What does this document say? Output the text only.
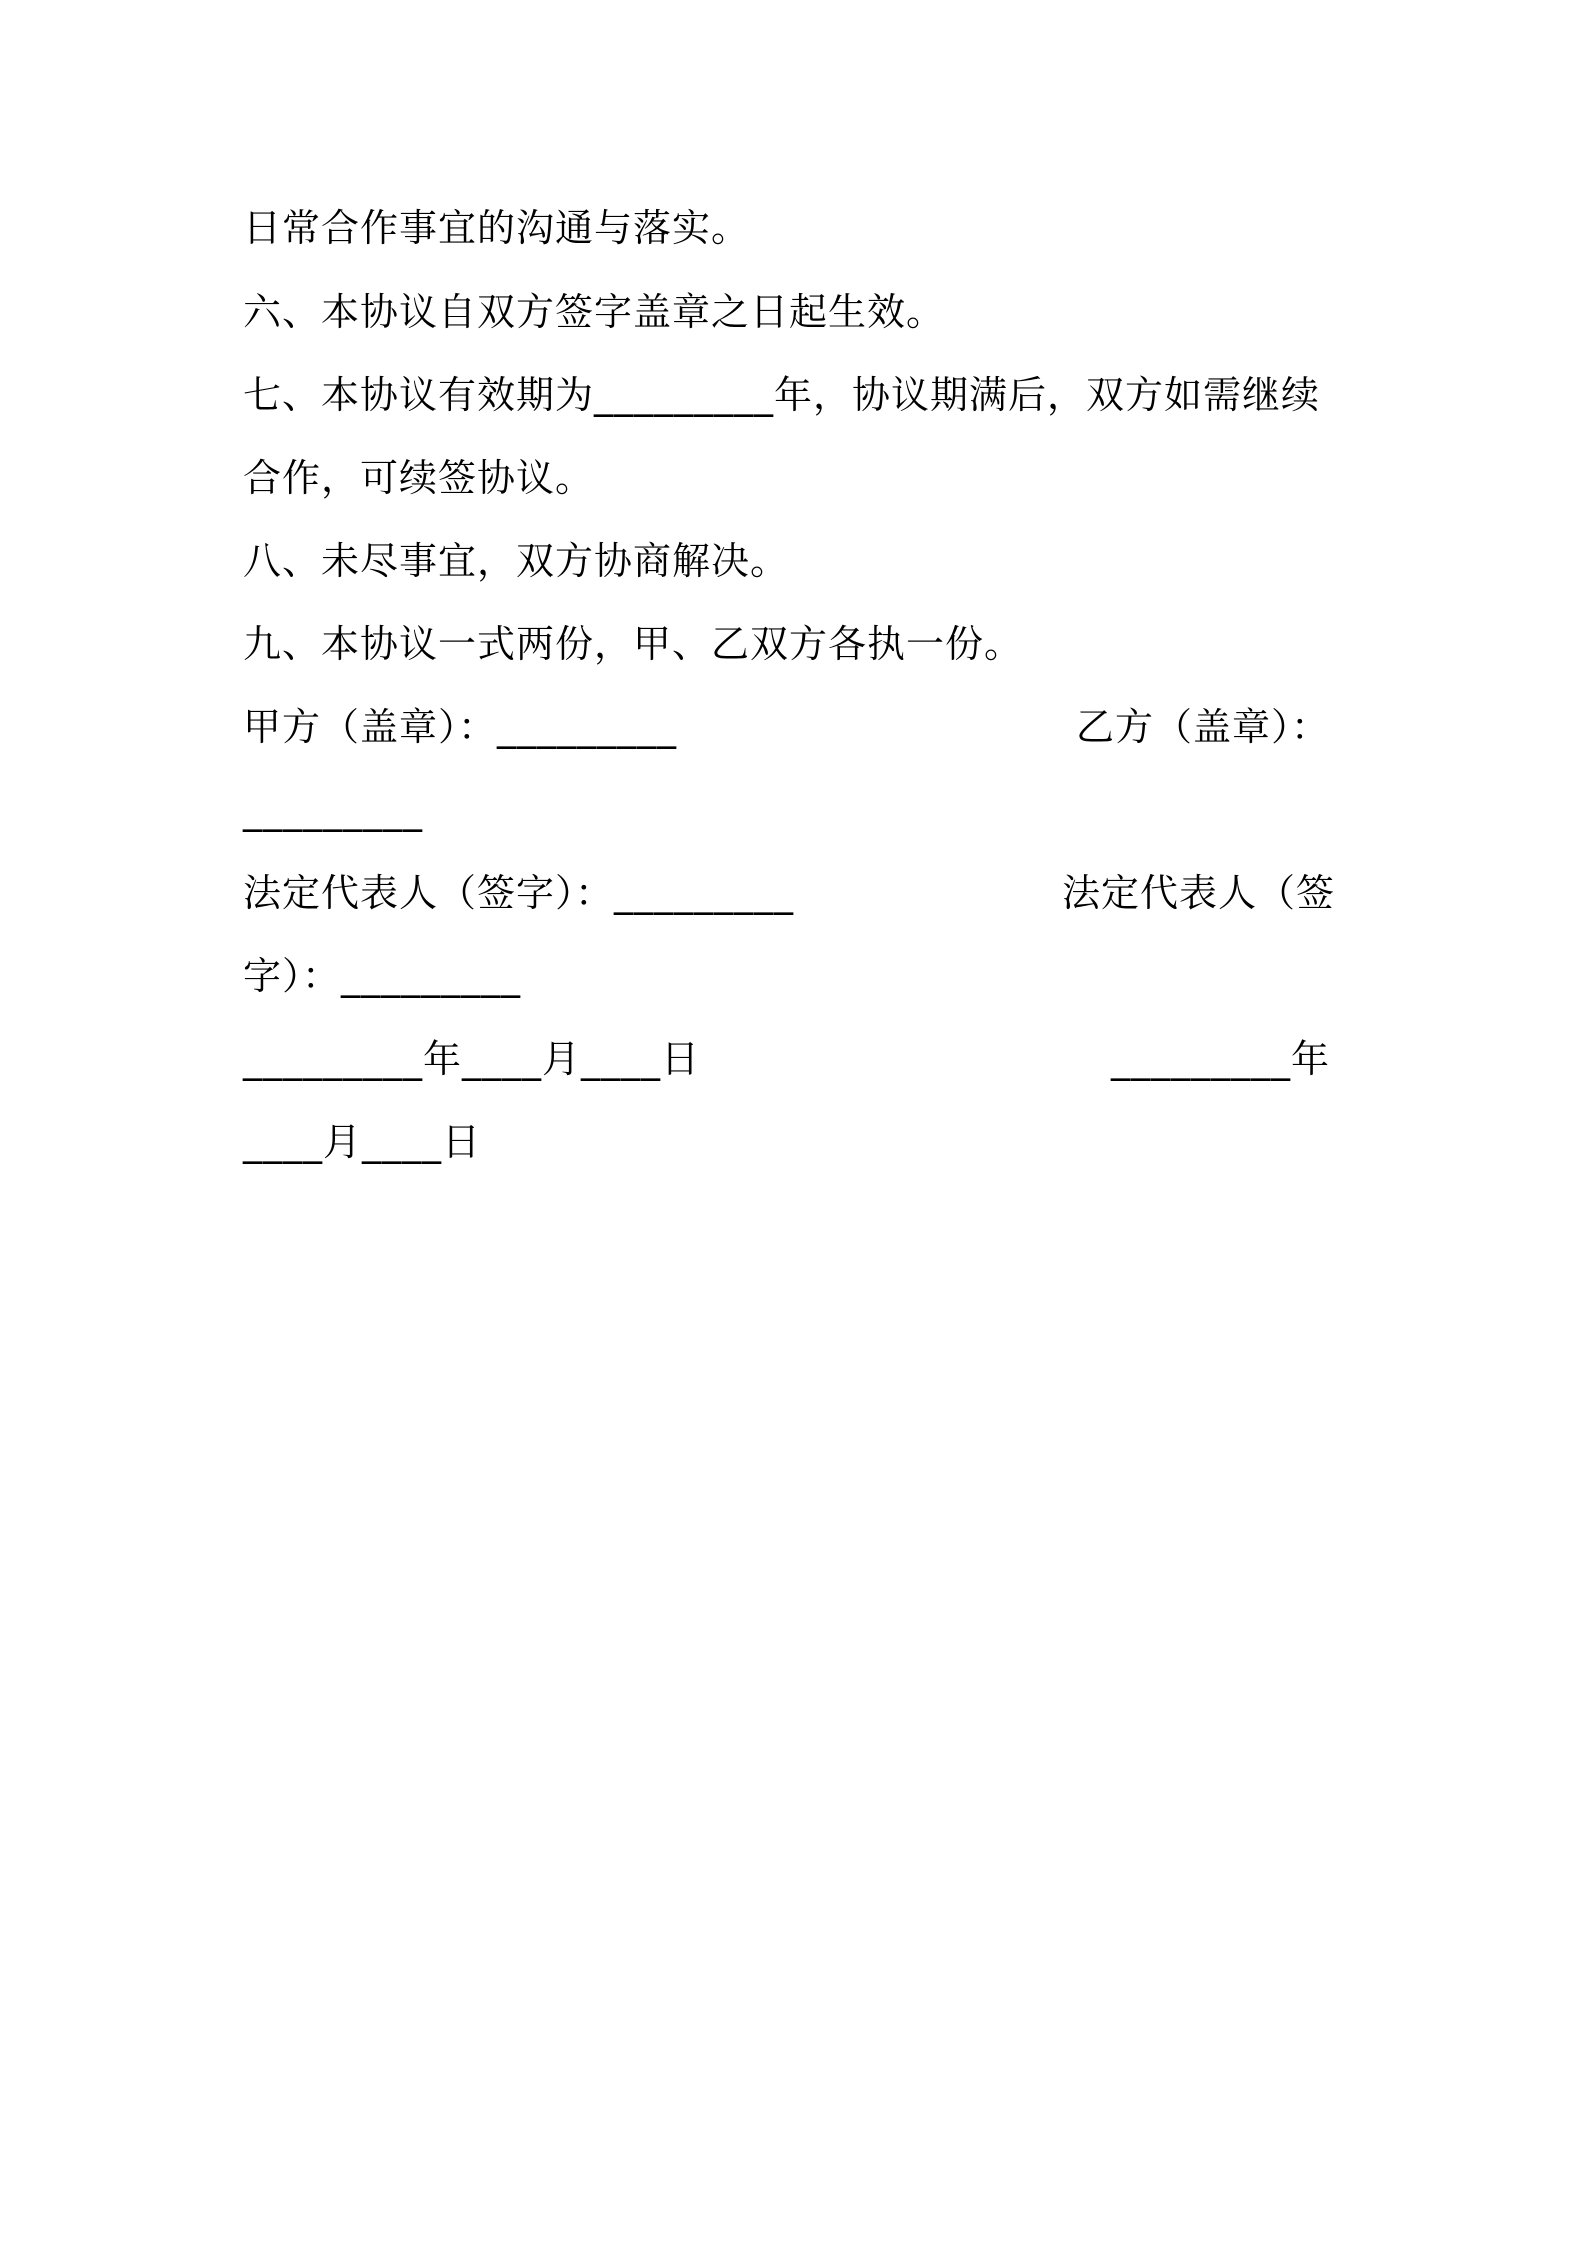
日常合作事宜的沟通与落实。
六、本协议自双方签字盖章之日起生效。
七、本协议有效期为_________年，协议期满后，双方如需继续
合作，可续签协议。
八、未尽事宜，双方协商解决。
九、本协议一式两份，甲、乙双方各执一份。
甲方（盖章）：_________	乙方（盖章）：
_________
法定代表人（签字）：_________	法定代表人（签
字）：_________
_________年____月____日	_________年
____月____日
